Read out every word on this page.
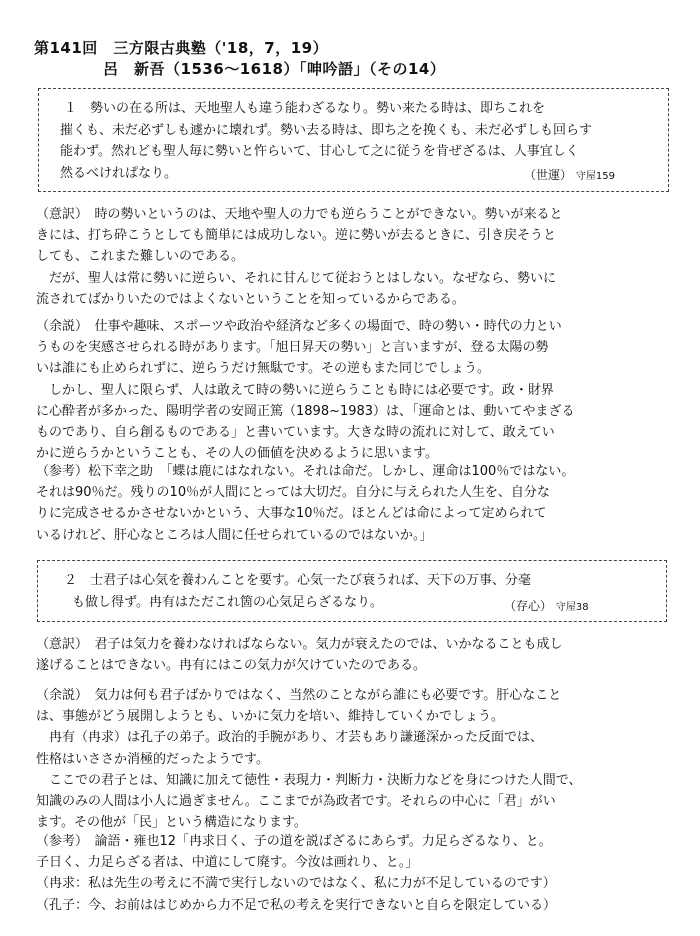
第141回　三方限古典塾（'18，7，19）
呂　新吾（1536～1618）「呻吟語」（その14）
１　勢いの在る所は、天地聖人も違う能わざるなり。勢い来たる時は、即ちこれを
摧くも、未だ必ずしも遽かに壊れず。勢い去る時は、即ち之を挽くも、未だ必ずしも回らす
能わず。然れども聖人毎に勢いと忤らいて、甘心して之に従うを肯ぜざるは、人事宜しく
然るべけれぱなり。	（世運） 守屋159
（意訳）　時の勢いというのは、天地や聖人の力でも逆らうことができない。勢いが来ると
きには、打ち砕こうとしても簡単には成功しない。逆に勢いが去るときに、引き戻そうと
しても、これまた難しいのである。
　だが、聖人は常に勢いに逆らい、それに甘んじて従おうとはしない。なぜなら、勢いに
流されてばかりいたのではよくないということを知っているからである。
（余説）　仕事や趣味、スポーツや政治や経済など多くの場面で、時の勢い・時代の力とい
うものを実感させられる時があります。「旭日昇天の勢い」と言いますが、登る太陽の勢
いは誰にも止められずに、逆らうだけ無駄です。その逆もまた同じでしょう。
　しかし、聖人に限らず、人は敢えて時の勢いに逆らうことも時には必要です。政・財界
に心酔者が多かった、陽明学者の安岡正篤（1898~1983）は、「運命とは、動いてやまざる
ものであり、自ら創るものである」と書いています。大きな時の流れに対して、敢えてい
かに逆らうかということも、その人の価値を決めるように思います。
（参考）松下幸之助　「蝶は鹿にはなれない。それは命だ。しかし、運命は100％ではない。
それは90％だ。残りの10％が人間にとっては大切だ。自分に与えられた人生を、自分な
りに完成させるかさせないかという、大事な10％だ。ほとんどは命によって定められて
いるけれど、肝心なところは人間に任せられているのではないか。」
２　士君子は心気を養わんことを要す。心気一たび衰うれば、天下の万事、分毫
も做し得ず。冉有はただこれ箇の心気足らざるなり。	（存心） 守屋38
（意訳）　君子は気力を養わなければならない。気力が衰えたのでは、いかなることも成し
遂げることはできない。冉有にはこの気力が欠けていたのである。
（余説）　気力は何も君子ばかりではなく、当然のことながら誰にも必要です。肝心なこと
は、事態がどう展開しようとも、いかに気力を培い、維持していくかでしょう。
　冉有（冉求）は孔子の弟子。政治的手腕があり、才芸もあり謙遜深かった反面では、
性格はいささか消極的だったようです。
　ここでの君子とは、知識に加えて徳性・表現力・判断力・決断力などを身につけた人間で、
知識のみの人間は小人に過ぎません。ここまでが為政者です。それらの中心に「君」がい
ます。その他が「民」という構造になります。
（参考）　論語・雍也12「冉求日く、子の道を説ばざるにあらず。力足らざるなり、と。
子日く、力足らざる者は、中道にして廃す。今汝は画れり、と。」
（冉求：私は先生の考えに不満で実行しないのではなく、私に力が不足しているのです）
（孔子：今、お前ははじめから力不足で私の考えを実行できないと自らを限定している）
